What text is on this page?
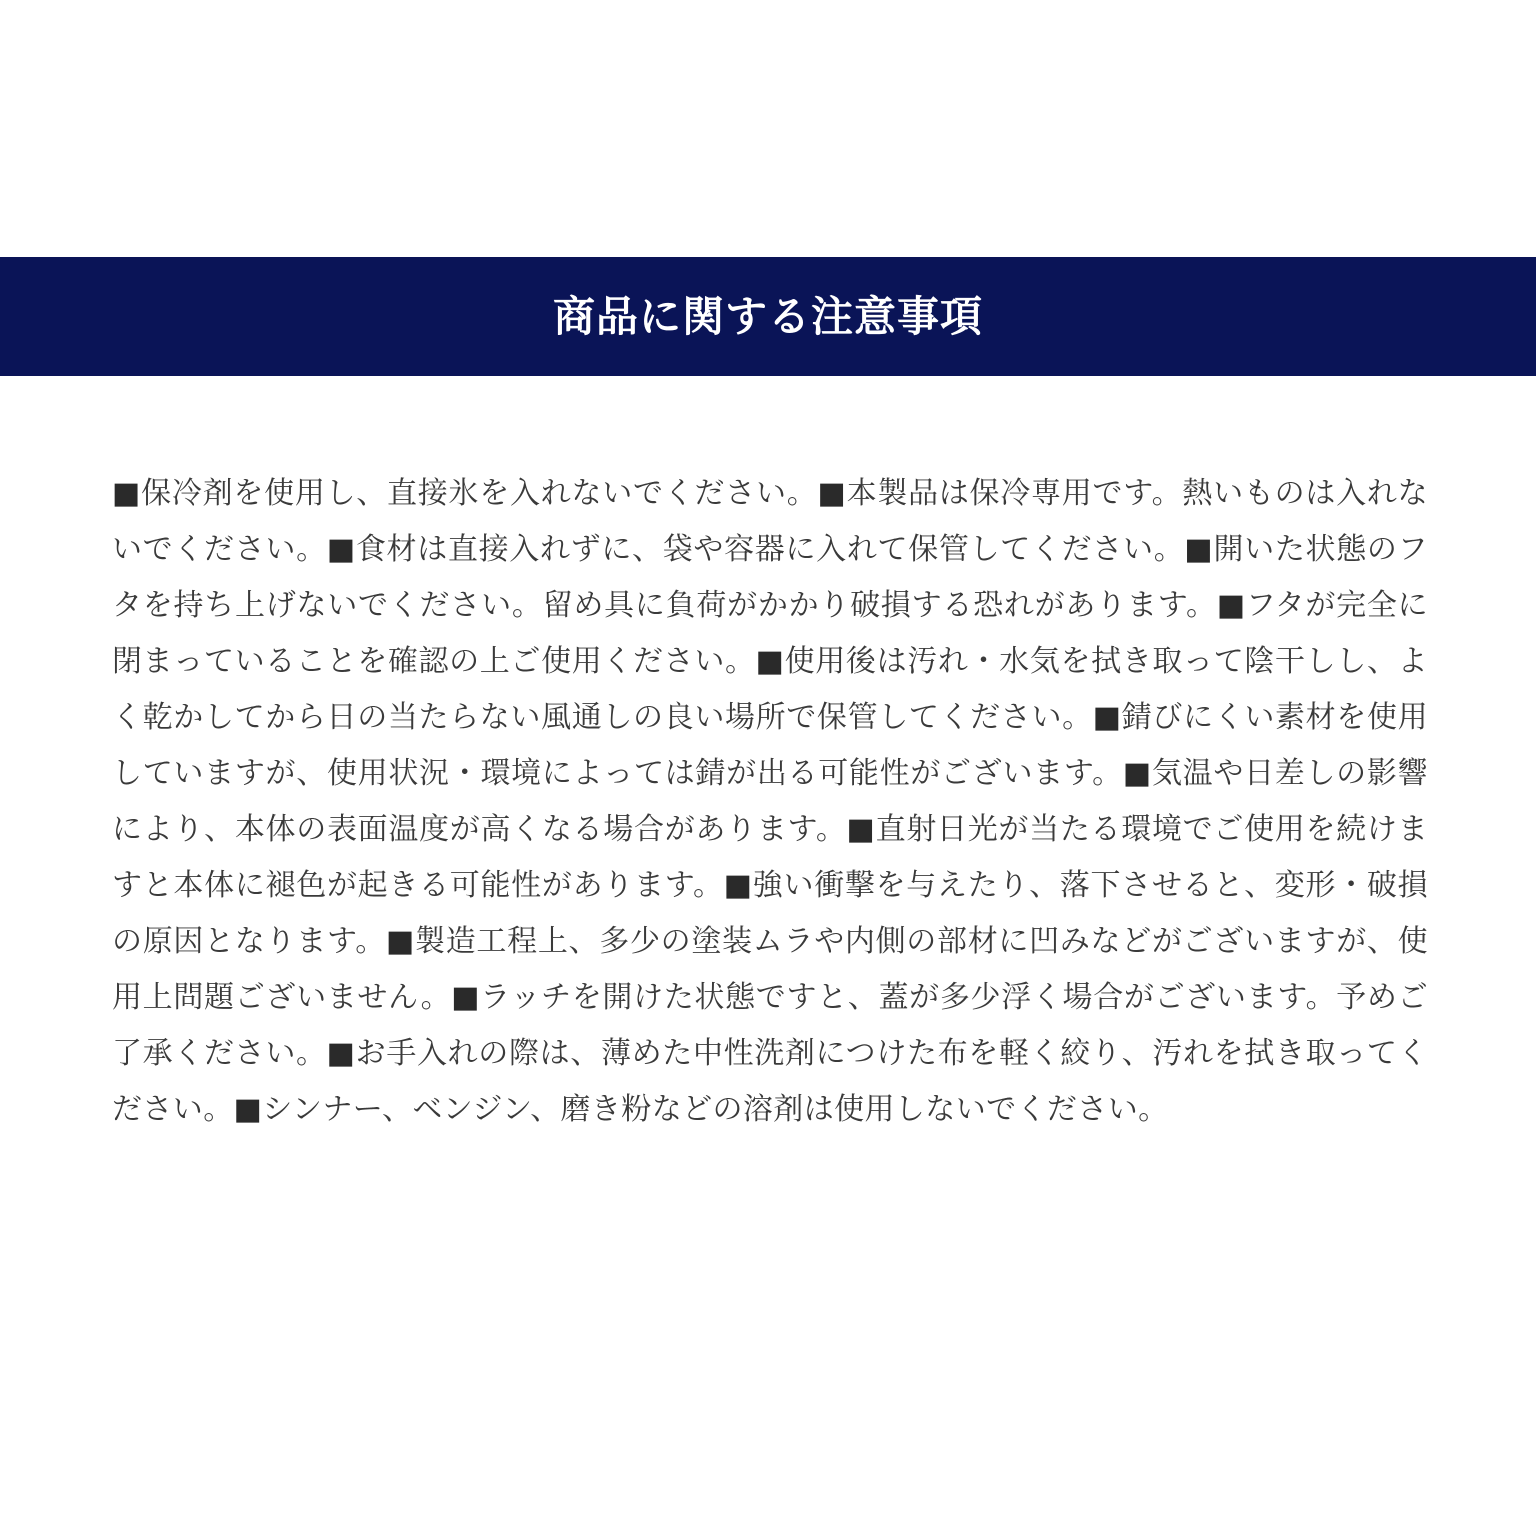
商品に関する注意事項
■保冷剤を使用し、直接氷を入れないでください。■本製品は保冷専用です。熱いものは入れないでください。■食材は直接入れずに、袋や容器に入れて保管してください。■開いた状態のフタを持ち上げないでください。留め具に負荷がかかり破損する恐れがあります。■フタが完全に閉まっていることを確認の上ご使用ください。■使用後は汚れ・水気を拭き取って陰干しし、よく乾かしてから日の当たらない風通しの良い場所で保管してください。■錆びにくい素材を使用していますが、使用状況・環境によっては錆が出る可能性がございます。■気温や日差しの影響により、本体の表面温度が高くなる場合があります。■直射日光が当たる環境でご使用を続けますと本体に褪色が起きる可能性があります。■強い衝撃を与えたり、落下させると、変形・破損の原因となります。■製造工程上、多少の塗装ムラや内側の部材に凹みなどがございますが、使用上問題ございません。■ラッチを開けた状態ですと、蓋が多少浮く場合がございます。予めご了承ください。■お手入れの際は、薄めた中性洗剤につけた布を軽く絞り、汚れを拭き取ってください。■シンナー、ベンジン、磨き粉などの溶剤は使用しないでください。
